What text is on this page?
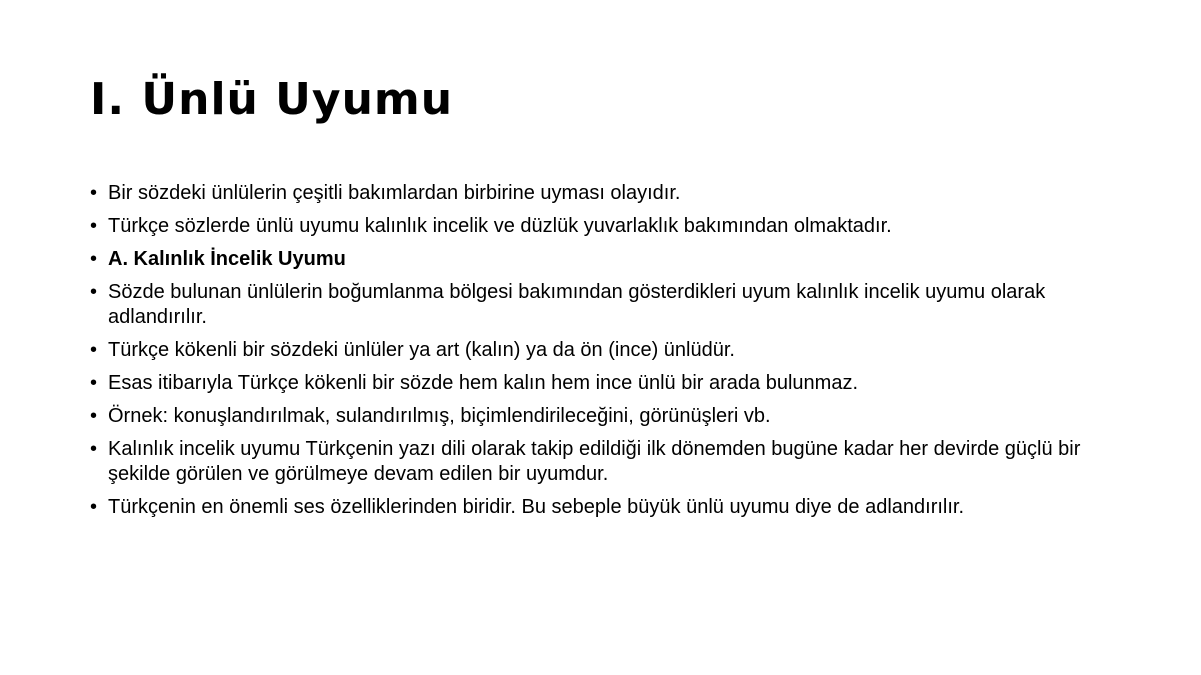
I. Ünlü Uyumu
• Bir sözdeki ünlülerin çeşitli bakımlardan birbirine uyması olayıdır.
• Türkçe sözlerde ünlü uyumu kalınlık incelik ve düzlük yuvarlaklık bakımından olmaktadır.
• A. Kalınlık İncelik Uyumu
• Sözde bulunan ünlülerin boğumlanma bölgesi bakımından gösterdikleri uyum kalınlık incelik uyumu olarak adlandırılır.
• Türkçe kökenli bir sözdeki ünlüler ya art (kalın) ya da ön (ince) ünlüdür.
• Esas itibarıyla Türkçe kökenli bir sözde hem kalın hem ince ünlü bir arada bulunmaz.
• Örnek: konuşlandırılmak, sulandırılmış, biçimlendirileceğini, görünüşleri vb.
• Kalınlık incelik uyumu Türkçenin yazı dili olarak takip edildiği ilk dönemden bugüne kadar her devirde güçlü bir şekilde görülen ve görülmeye devam edilen bir uyumdur.
• Türkçenin en önemli ses özelliklerinden biridir. Bu sebeple büyük ünlü uyumu diye de adlandırılır.
